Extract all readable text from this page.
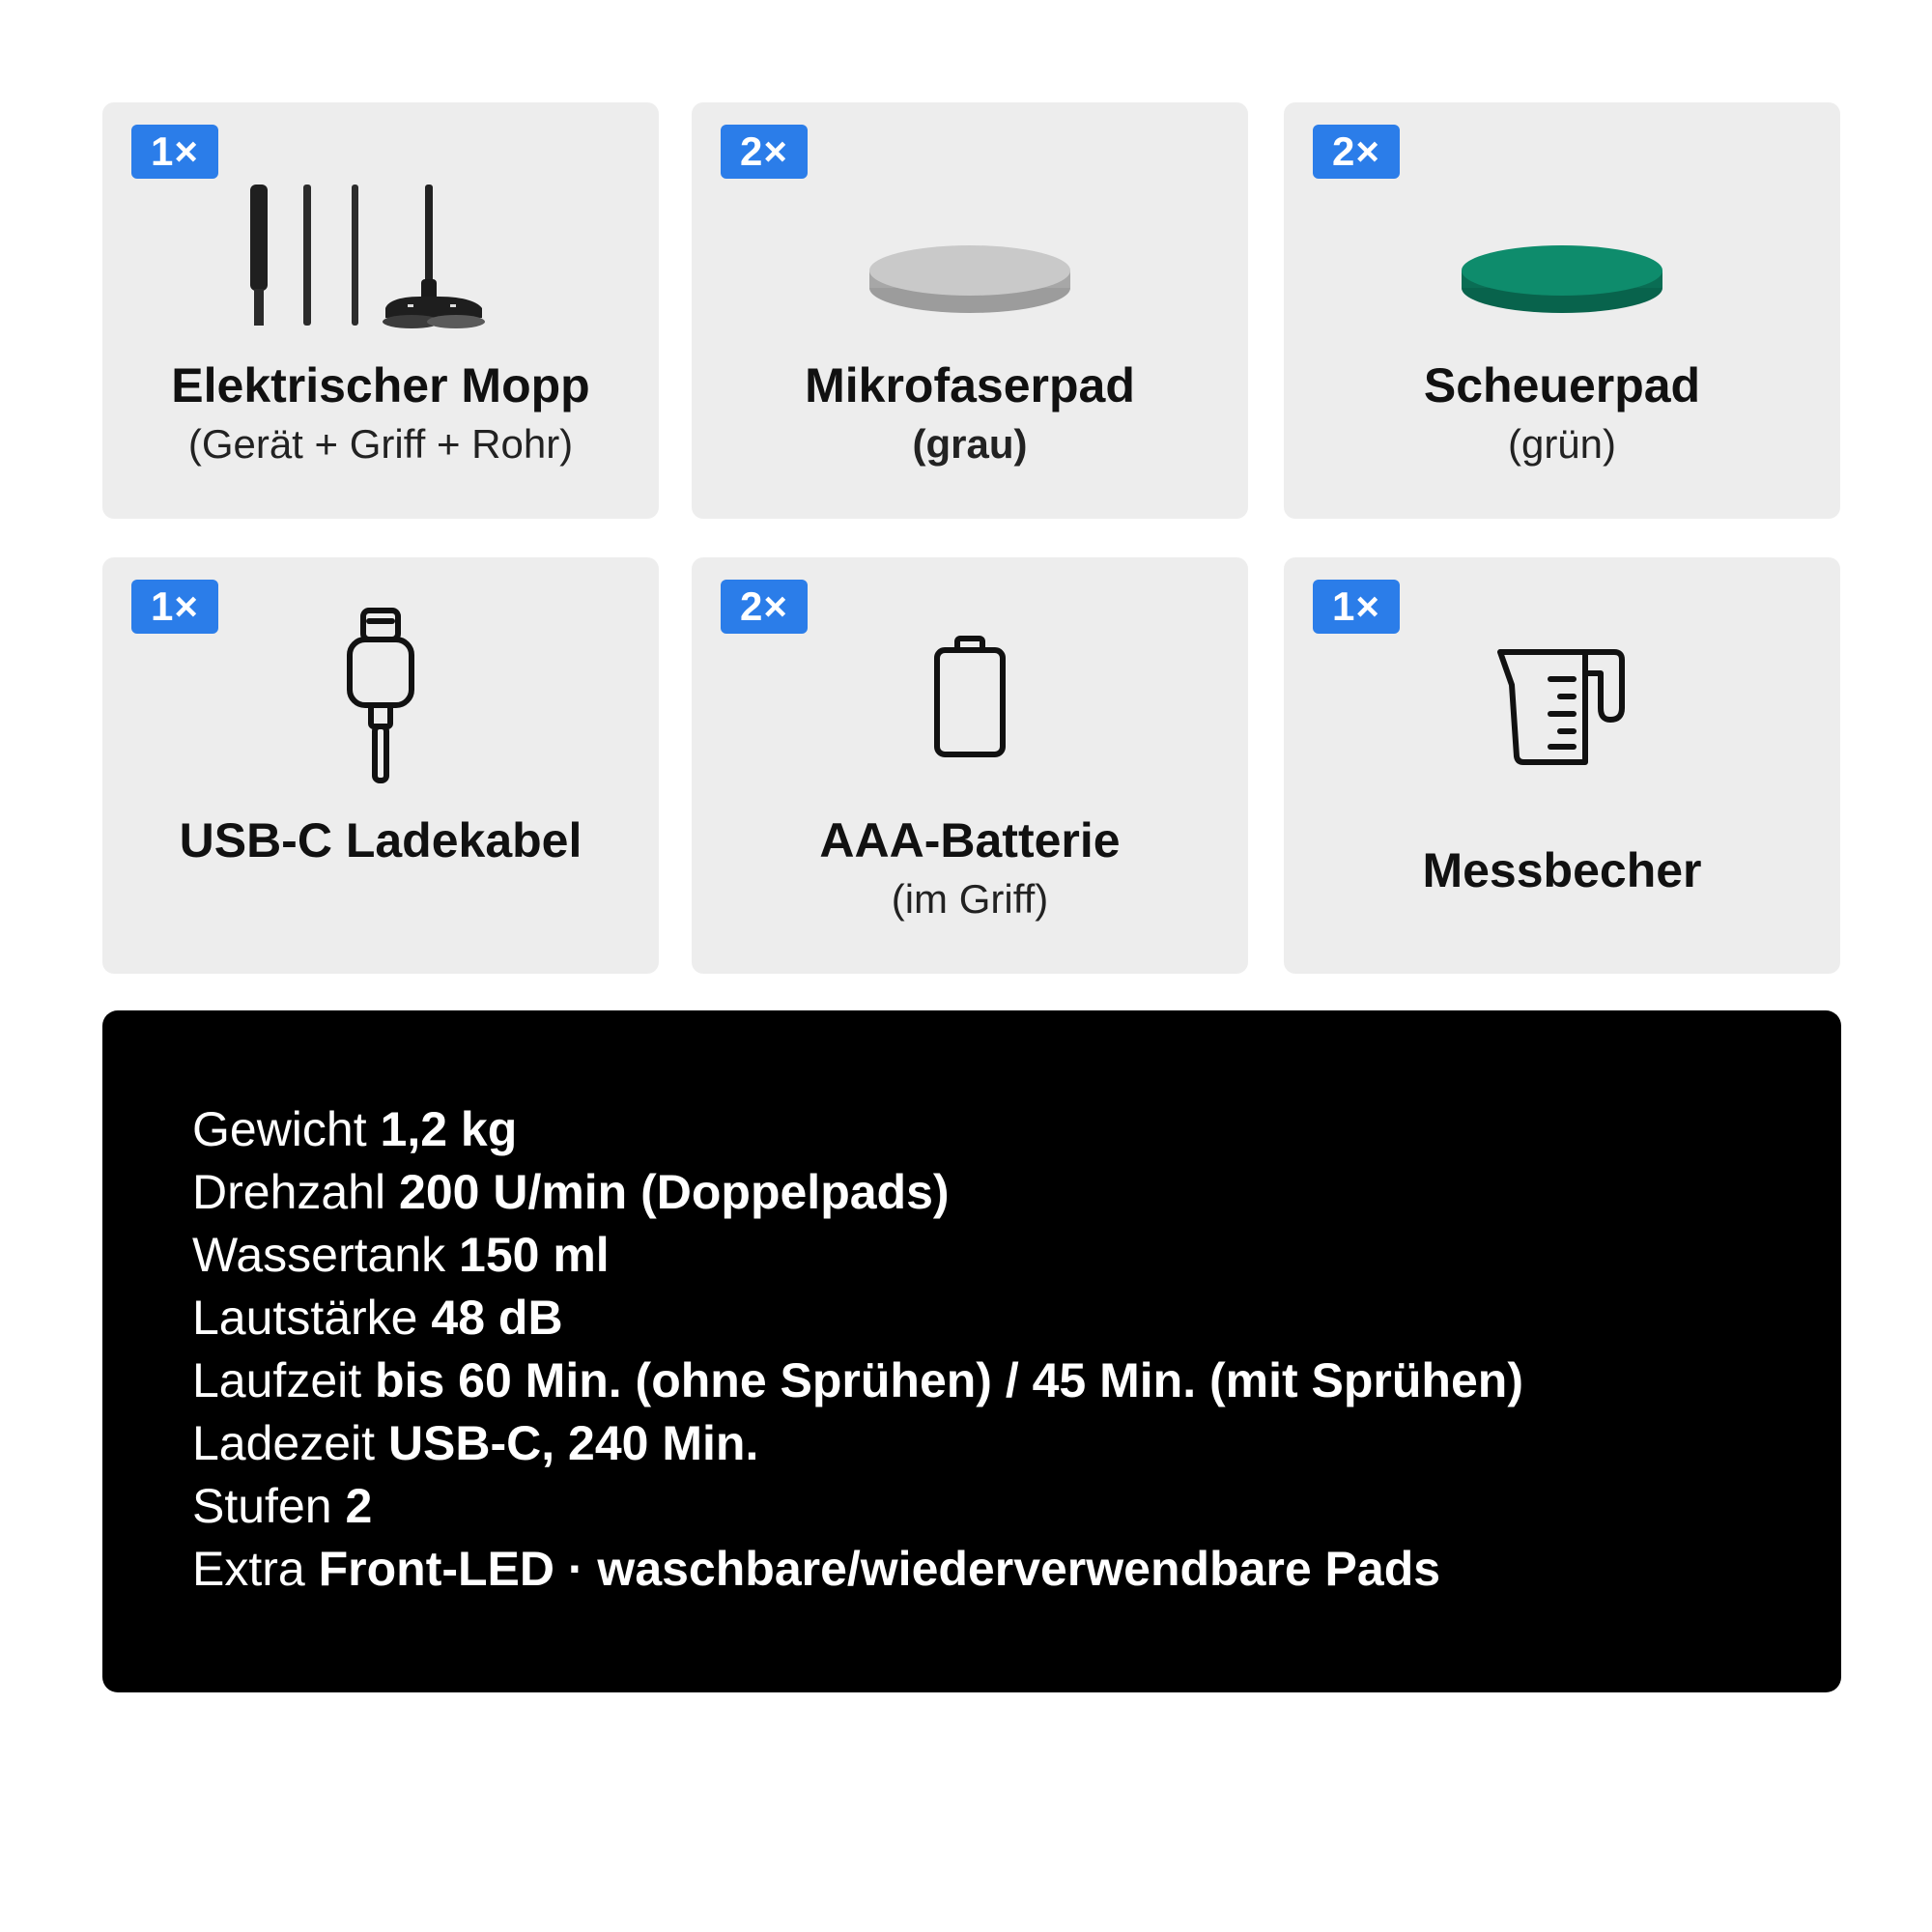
1×
Elektrischer Mopp
(Gerät + Griff + Rohr)
2×
Mikrofaserpad
(grau)
2×
Scheuerpad
(grün)
1×
USB-C Ladekabel
2×
AAA-Batterie
(im Griff)
1×
Messbecher
Gewicht 1,2 kg
Drehzahl 200 U/min (Doppelpads)
Wassertank 150 ml
Lautstärke 48 dB
Laufzeit bis 60 Min. (ohne Sprühen) / 45 Min. (mit Sprühen)
Ladezeit USB-C, 240 Min.
Stufen 2
Extra Front-LED · waschbare/wiederverwendbare Pads
